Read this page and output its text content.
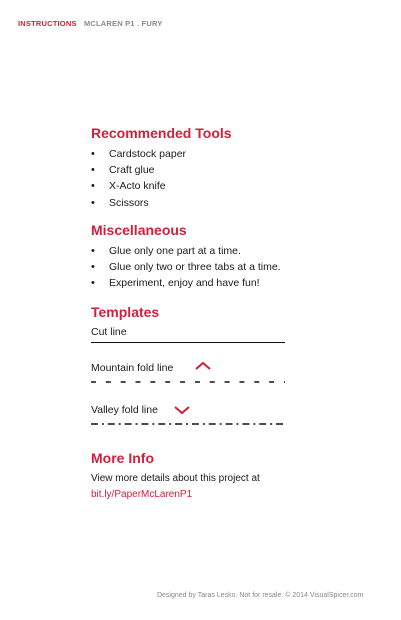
INSTRUCTIONS MCLAREN P1 . FURY
Recommended Tools
• Cardstock paper
• Craft glue
• X-Acto knife
• Scissors
Miscellaneous
• Glue only one part at a time.
• Glue only two or three tabs at a time.
• Experiment, enjoy and have fun!
Templates
Cut line
Mountain fold line
Valley fold line
More Info
View more details about this project at
bit.ly/PaperMcLarenP1
Designed by Taras Lesko. Not for resale. © 2014 VisualSpicer.com
